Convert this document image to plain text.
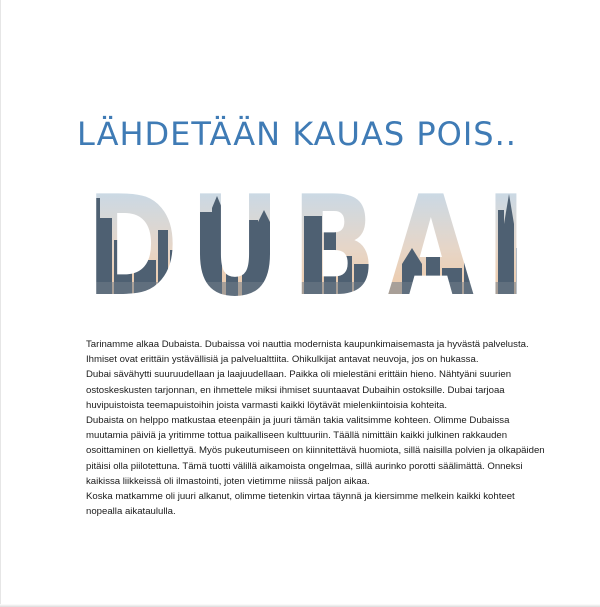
LÄHDETÄÄN KAUAS POIS..

Tarinamme alkaa Dubaista. Dubaissa voi nauttia modernista kaupunkimaisemasta ja hyvästä palvelusta. Ihmiset ovat erittäin ystävällisiä ja palvelualttiita. Ohikulkijat antavat neuvoja, jos on hukassa.

Dubai sävähytti suuruudellaan ja laajuudellaan. Paikka oli mielestäni erittäin hieno. Nähtyäni suurien ostoskeskusten tarjonnan, en ihmettele miksi ihmiset suuntaavat Dubaihin ostoksille. Dubai tarjoaa huvipuistoista teemapuistoihin joista varmasti kaikki löytävät mielenkiintoisia kohteita.

Dubaista on helppo matkustaa eteenpäin ja juuri tämän takia valitsimme kohteen. Olimme Dubaissa muutamia päiviä ja yritimme tottua paikalliseen kulttuuriin. Täällä nimittäin kaikki julkinen rakkauden osoittaminen on kiellettyä. Myös pukeutumiseen on kiinnitettävä huomiota, sillä naisilla polvien ja olkapäiden pitäisi olla piilotettuna. Tämä tuotti välillä aikamoista ongelmaa, sillä aurinko porotti säälimättä. Onneksi kaikissa liikkeissä oli ilmastointi, joten vietimme niissä paljon aikaa.

Koska matkamme oli juuri alkanut, olimme tietenkin virtaa täynnä ja kiersimme melkein kaikki kohteet nopealla aikataululla.
